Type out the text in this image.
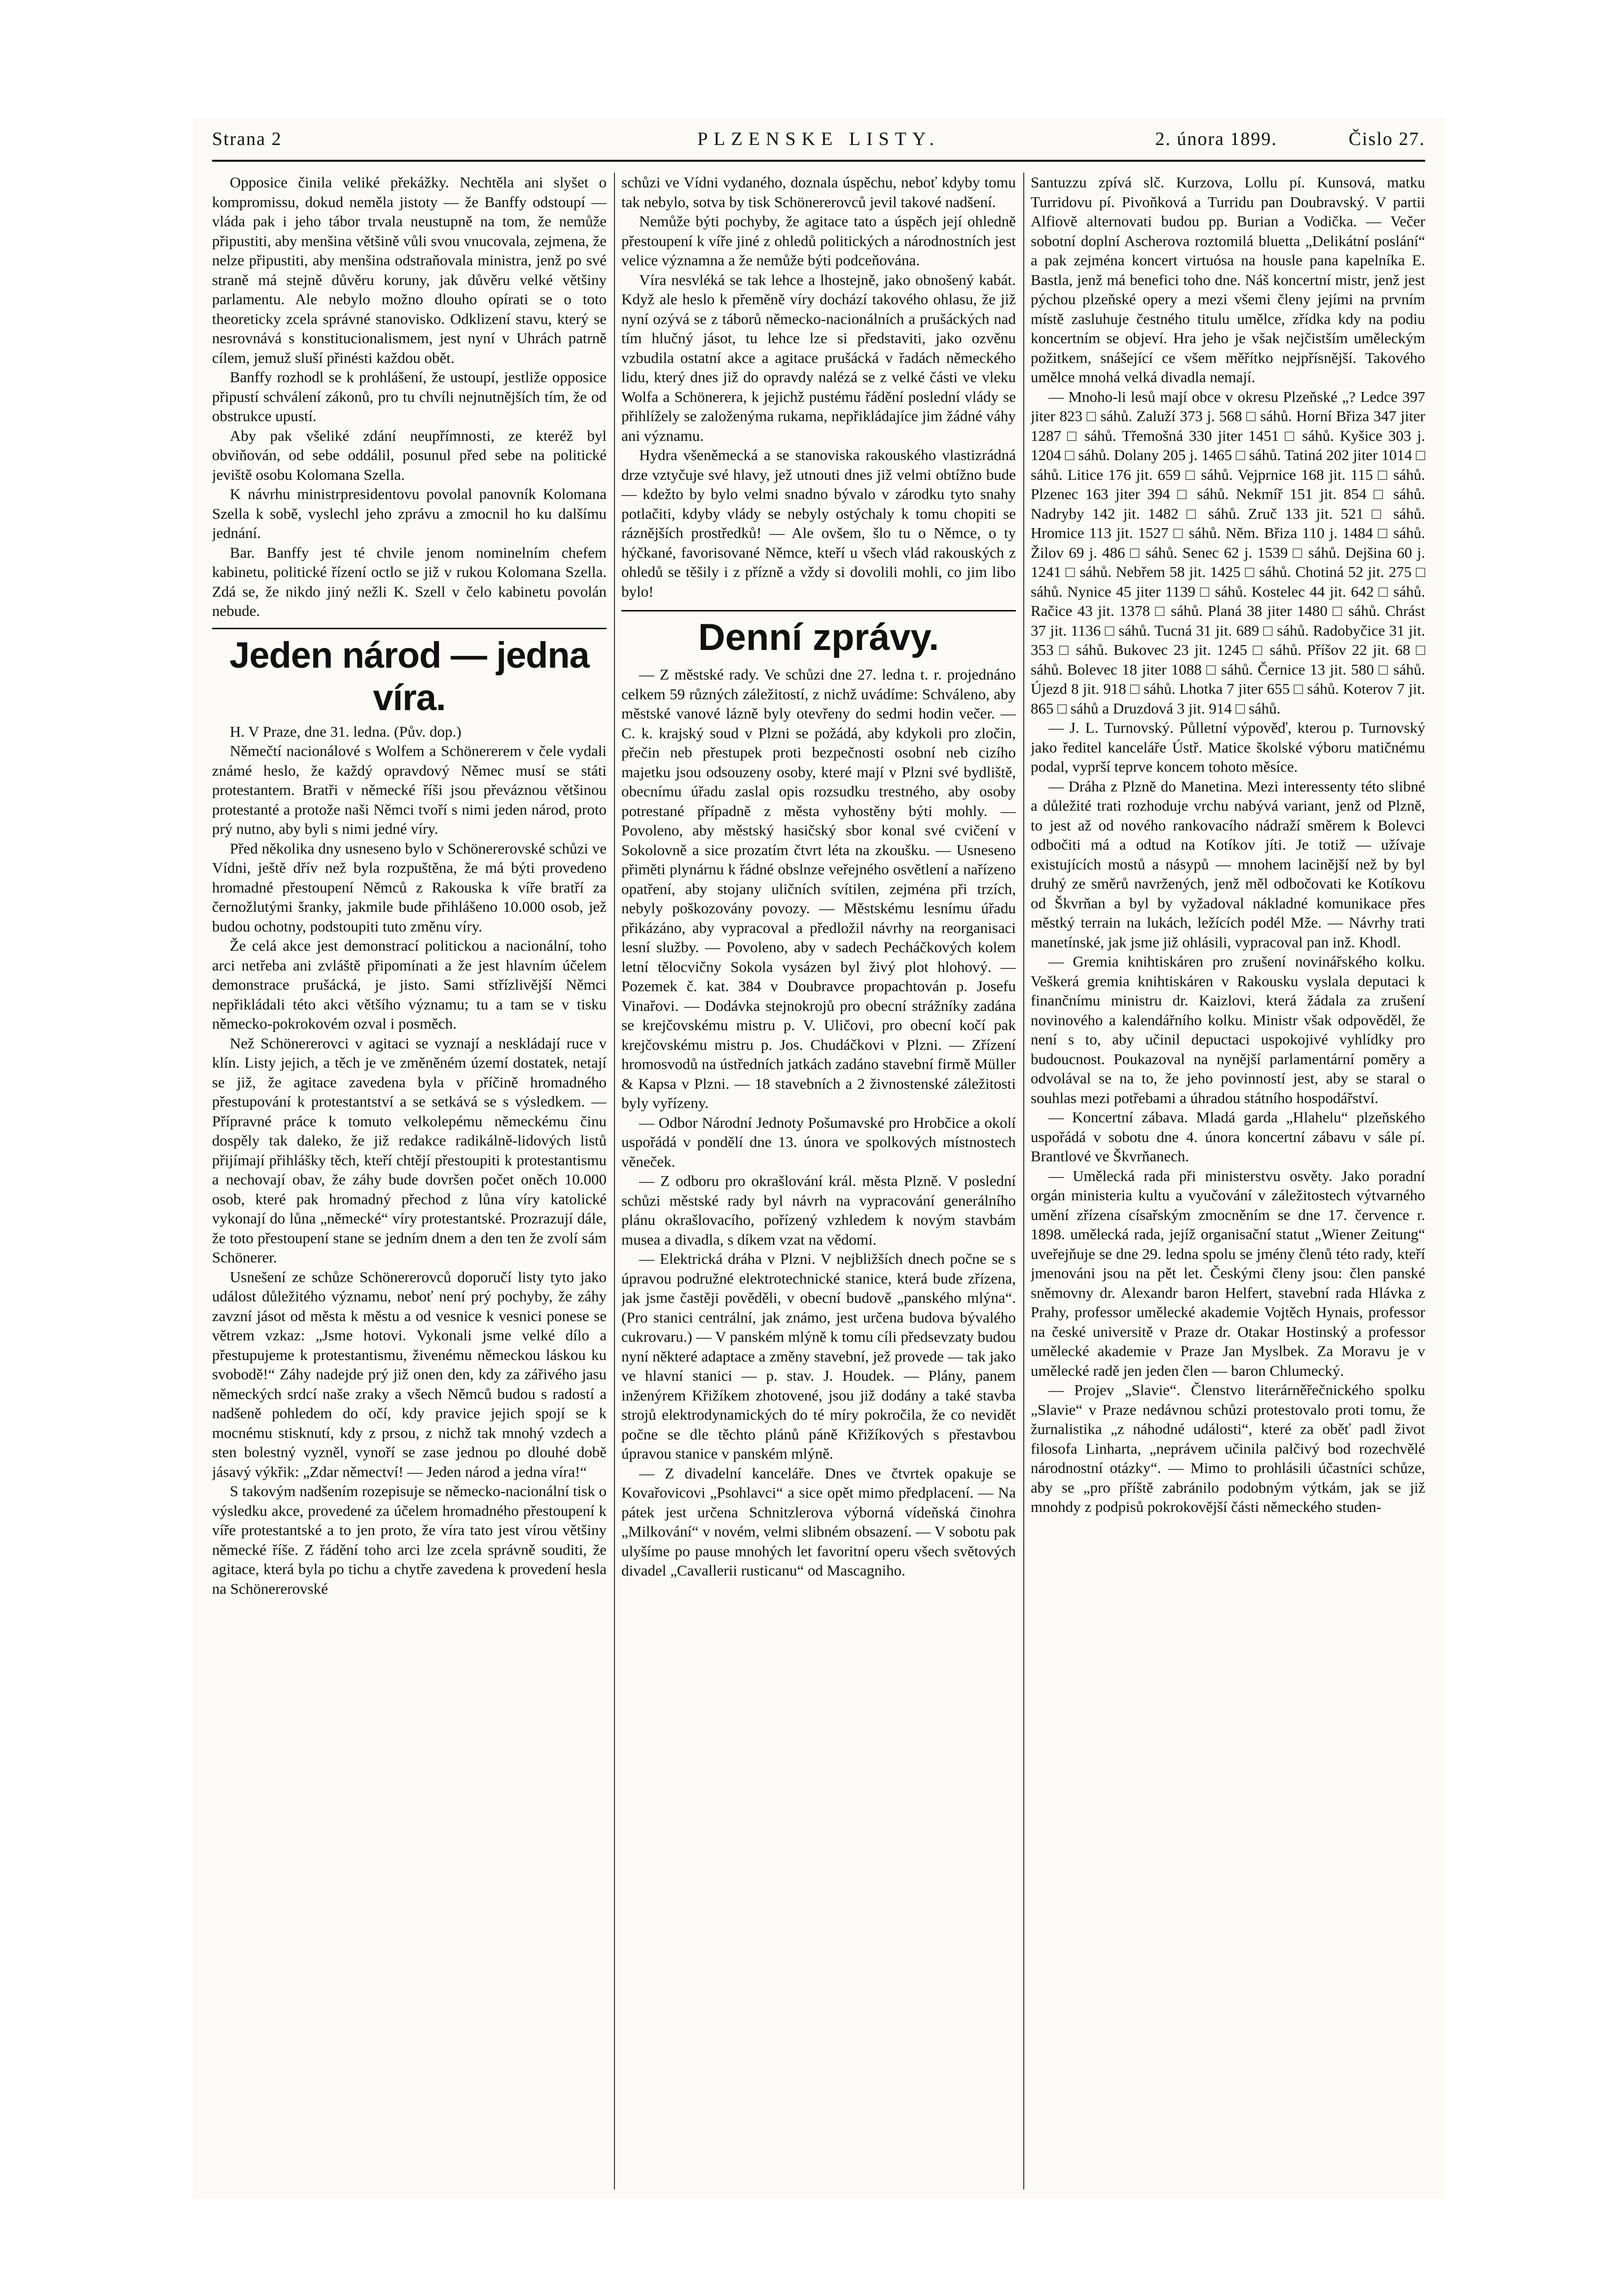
Strana 2	PLZENSKE LISTY.	2. února 1899.	Čislo 27.

Opposice činila veliké překážky. Nechtěla ani slyšet o kompromissu, dokud neměla jistoty — že Banffy odstoupí — vláda pak i jeho tábor trvala neustupně na tom, že nemůže připustiti, aby menšina většině vůli svou vnucovala, zejmena, že nelze připustiti, aby menšina odstraňovala ministra, jenž po své straně má stejně důvěru koruny, jak důvěru velké většiny parlamentu. Ale nebylo možno dlouho opírati se o toto theoreticky zcela správné stanovisko. Odklizení stavu, který se nesrovnává s konstitucionalismem, jest nyní v Uhrách patrně cílem, jemuž sluší přinésti každou obět.

Banffy rozhodl se k prohlášení, že ustoupí, jestliže opposice připustí schválení zákonů, pro tu chvíli nejnutnějších tím, že od obstrukce upustí.

Aby pak všeliké zdání neupřímnosti, ze kteréž byl obviňován, od sebe oddálil, posunul před sebe na politické jeviště osobu Kolomana Szella.

K návrhu ministrpresidentovu povolal panovník Kolomana Szella k sobě, vyslechl jeho zprávu a zmocnil ho ku dalšímu jednání.

Bar. Banffy jest té chvile jenom nominelním chefem kabinetu, politické řízení octlo se již v rukou Kolomana Szella. Zdá se, že nikdo jiný nežli K. Szell v čelo kabinetu povolán nebude.

Jeden národ — jedna víra.

H. V Praze, dne 31. ledna. (Pův. dop.)

Němečtí nacionálové s Wolfem a Schönererem v čele vydali známé heslo, že každý opravdový Němec musí se státi protestantem. Bratři v německé říši jsou převáznou většinou protestanté a protože naši Němci tvoří s nimi jeden národ, proto prý nutno, aby byli s nimi jedné víry.

Před několika dny usneseno bylo v Schönererovské schůzi ve Vídni, ještě dřív než byla rozpuštěna, že má býti provedeno hromadné přestoupení Němců z Rakouska k víře bratří za černožlutými šranky, jakmile bude přihlášeno 10.000 osob, jež budou ochotny, podstoupiti tuto změnu víry.

Že celá akce jest demonstrací politickou a nacionální, toho arci netřeba ani zvláště připomínati a že jest hlavním účelem demonstrace prušácká, je jisto. Sami střízlivější Němci nepřikládali této akci většího významu; tu a tam se v tisku německo-pokrokovém ozval i posměch.

Než Schönererovci v agitaci se vyznají a neskládají ruce v klín. Listy jejich, a těch je ve změněném území dostatek, netají se již, že agitace zavedena byla v příčině hromadného přestupování k protestantství a se setkává se s výsledkem. — Přípravné práce k tomuto velkolepému německému činu dospěly tak daleko, že již redakce radikálně-lidových listů přijímají přihlášky těch, kteří chtějí přestoupiti k protestantismu a nechovají obav, že záhy bude dovršen počet oněch 10.000 osob, které pak hromadný přechod z lůna víry katolické vykonají do lůna „německé“ víry protestantské. Prozrazují dále, že toto přestoupení stane se jedním dnem a den ten že zvolí sám Schönerer.

Usnešení ze schůze Schönererovců doporučí listy tyto jako událost důležitého významu, neboť není prý pochyby, že záhy zavzní jásot od města k městu a od vesnice k vesnici ponese se větrem vzkaz: „Jsme hotovi. Vykonali jsme velké dílo a přestupujeme k protestantismu, živenému německou láskou ku svobodě!“ Záhy nadejde prý již onen den, kdy za zářivého jasu německých srdcí naše zraky a všech Němců budou s radostí a nadšeně pohledem do očí, kdy pravice jejich spojí se k mocnému stisknutí, kdy z prsou, z nichž tak mnohý vzdech a sten bolestný vyzněl, vynoří se zase jednou po dlouhé době jásavý výkřik: „Zdar němectví! — Jeden národ a jedna víra!“

S takovým nadšením rozepisuje se německo-nacionální tisk o výsledku akce, provedené za účelem hromadného přestoupení k víře protestantské a to jen proto, že víra tato jest vírou většiny německé říše. Z řádění toho arci lze zcela správně souditi, že agitace, která byla po tichu a chytře zavedena k provedení hesla na Schönererovské

schůzi ve Vídni vydaného, doznala úspěchu, neboť kdyby tomu tak nebylo, sotva by tisk Schönererovců jevil takové nadšení.

Nemůže býti pochyby, že agitace tato a úspěch její ohledně přestoupení k víře jiné z ohledů politických a národnostních jest velice významna a že nemůže býti podceňována.

Víra nesvléká se tak lehce a lhostejně, jako obnošený kabát. Když ale heslo k přeměně víry dochází takového ohlasu, že již nyní ozývá se z táborů německo-nacionálních a prušáckých nad tím hlučný jásot, tu lehce lze si představiti, jako ozvěnu vzbudila ostatní akce a agitace prušácká v řadách německého lidu, který dnes již do opravdy nalézá se z velké části ve vleku Wolfa a Schönerera, k jejichž pustému řádění poslední vlády se přihlížely se založenýma rukama, nepřikládajíce jim žádné váhy ani významu.

Hydra všeněmecká a se stanoviska rakouského vlastizrádná drze vztyčuje své hlavy, jež utnouti dnes již velmi obtížno bude — kdežto by bylo velmi snadno bývalo v zárodku tyto snahy potlačiti, kdyby vlády se nebyly ostýchaly k tomu chopiti se ráznějších prostředků! — Ale ovšem, šlo tu o Němce, o ty hýčkané, favorisované Němce, kteří u všech vlád rakouských z ohledů se těšily i z přízně a vždy si dovolili mohli, co jim libo bylo!

Denní zprávy.

— Z městské rady. Ve schůzi dne 27. ledna t. r. projednáno celkem 59 různých záležitostí, z nichž uvádíme: Schváleno, aby městské vanové lázně byly otevřeny do sedmi hodin večer. — C. k. krajský soud v Plzni se požádá, aby kdykoli pro zločin, přečin neb přestupek proti bezpečnosti osobní neb cizího majetku jsou odsouzeny osoby, které mají v Plzni své bydliště, obecnímu úřadu zaslal opis rozsudku trestného, aby osoby potrestané případně z města vyhostěny býti mohly. — Povoleno, aby městský hasičský sbor konal své cvičení v Sokolovně a sice prozatím čtvrt léta na zkoušku. — Usneseno přiměti plynárnu k řádné obslnze veřejného osvětlení a nařízeno opatření, aby stojany uličních svítilen, zejména při trzích, nebyly poškozovány povozy. — Městskému lesnímu úřadu přikázáno, aby vypracoval a předložil návrhy na reorganisaci lesní služby. — Povoleno, aby v sadech Pecháčkových kolem letní tělocvičny Sokola vysázen byl živý plot hlohový. — Pozemek č. kat. 384 v Doubravce propachtován p. Josefu Vinařovi. — Dodávka stejnokrojů pro obecní strážníky zadána se krejčovskému mistru p. V. Uličovi, pro obecní kočí pak krejčovskému mistru p. Jos. Chudáčkovi v Plzni. — Zřízení hromosvodů na ústředních jatkách zadáno stavební firmě Müller & Kapsa v Plzni. — 18 stavebních a 2 živnostenské záležitosti byly vyřízeny.

— Odbor Národní Jednoty Pošumavské pro Hrobčice a okolí uspořádá v pondělí dne 13. února ve spolkových místnostech věneček.

— Z odboru pro okrašlování král. města Plzně. V poslední schůzi městské rady byl návrh na vypracování generálního plánu okrašlovacího, pořízený vzhledem k novým stavbám musea a divadla, s díkem vzat na vědomí.

— Elektrická dráha v Plzni. V nejbližších dnech počne se s úpravou podružné elektrotechnické stanice, která bude zřízena, jak jsme častěji pověděli, v obecní budově „panského mlýna“. (Pro stanici centrální, jak známo, jest určena budova bývalého cukrovaru.) — V panském mlýně k tomu cíli předsevzaty budou nyní některé adaptace a změny stavební, jež provede — tak jako ve hlavní stanici — p. stav. J. Houdek. — Plány, panem inženýrem Křižíkem zhotovené, jsou již dodány a také stavba strojů elektrodynamických do té míry pokročila, že co nevidět počne se dle těchto plánů páně Křižíkových s přestavbou úpravou stanice v panském mlýně.

— Z divadelní kanceláře. Dnes ve čtvrtek opakuje se Kovařovicovi „Psohlavci“ a sice opět mimo předplacení. — Na pátek jest určena Schnitzlerova výborná vídeňská činohra „Milkování“ v novém, velmi slibném obsazení. — V sobotu pak ulyšíme po pause mnohých let favoritní operu všech světových divadel „Cavallerii rusticanu“ od Mascagniho.

Santuzzu zpívá slč. Kurzova, Lollu pí. Kunsová, matku Turridovu pí. Pivoňková a Turridu pan Doubravský. V partii Alfiově alternovati budou pp. Burian a Vodička. — Večer sobotní doplní Ascherova roztomilá bluetta „Delikátní poslání“ a pak zejména koncert virtuósa na housle pana kapelníka E. Bastla, jenž má benefici toho dne. Náš koncertní mistr, jenž jest pýchou plzeňské opery a mezi všemi členy jejími na prvním místě zasluhuje čestného titulu umělce, zřídka kdy na podiu koncertním se objeví. Hra jeho je však nejčistším uměleckým požitkem, snášející ce všem měřítko nejpřísnější. Takového umělce mnohá velká divadla nemají.

— Mnoho-li lesů mají obce v okresu Plzeňské „? Ledce 397 jiter 823 □ sáhů. Zaluží 373 j. 568 □ sáhů. Horní Břiza 347 jiter 1287 □ sáhů. Třemošná 330 jiter 1451 □ sáhů. Kyšice 303 j. 1204 □ sáhů. Dolany 205 j. 1465 □ sáhů. Tatiná 202 jiter 1014 □ sáhů. Litice 176 jit. 659 □ sáhů. Vejprnice 168 jit. 115 □ sáhů. Plzenec 163 jiter 394 □ sáhů. Nekmíř 151 jit. 854 □ sáhů. Nadryby 142 jit. 1482 □ sáhů. Zruč 133 jit. 521 □ sáhů. Hromice 113 jit. 1527 □ sáhů. Něm. Břiza 110 j. 1484 □ sáhů. Žilov 69 j. 486 □ sáhů. Senec 62 j. 1539 □ sáhů. Dejšina 60 j. 1241 □ sáhů. Nebřem 58 jit. 1425 □ sáhů. Chotiná 52 jit. 275 □ sáhů. Nynice 45 jiter 1139 □ sáhů. Kostelec 44 jit. 642 □ sáhů. Račice 43 jit. 1378 □ sáhů. Planá 38 jiter 1480 □ sáhů. Chrást 37 jit. 1136 □ sáhů. Tucná 31 jit. 689 □ sáhů. Radobyčice 31 jit. 353 □ sáhů. Bukovec 23 jit. 1245 □ sáhů. Příšov 22 jit. 68 □ sáhů. Bolevec 18 jiter 1088 □ sáhů. Černice 13 jit. 580 □ sáhů. Újezd 8 jit. 918 □ sáhů. Lhotka 7 jiter 655 □ sáhů. Koterov 7 jit. 865 □ sáhů a Druzdová 3 jit. 914 □ sáhů.

— J. L. Turnovský. Půlletní výpověď, kterou p. Turnovský jako ředitel kanceláře Ústř. Matice školské výboru matičnému podal, vyprší teprve koncem tohoto měsíce.

— Dráha z Plzně do Manetina. Mezi interessenty této slibné a důležité trati rozhoduje vrchu nabývá variant, jenž od Plzně, to jest až od nového rankovacího nádraží směrem k Bolevci odbočiti má a odtud na Kotíkov jíti. Je totiž — užívaje existujících mostů a násypů — mnohem lacinější než by byl druhý ze směrů navržených, jenž měl odbočovati ke Kotíkovu od Škvrňan a byl by vyžadoval nákladné komunikace přes městký terrain na lukách, ležících podél Mže. — Návrhy trati manetínské, jak jsme již ohlásili, vypracoval pan inž. Khodl.

— Gremia knihtiskáren pro zrušení novinářského kolku. Veškerá gremia knihtiskáren v Rakousku vyslala deputaci k finančnímu ministru dr. Kaizlovi, která žádala za zrušení novinového a kalendářního kolku. Ministr však odpověděl, že není s to, aby učinil depuctaci uspokojivé vyhlídky pro budoucnost. Poukazoval na nynější parlamentární poměry a odvolával se na to, že jeho povinností jest, aby se staral o souhlas mezi potřebami a úhradou státního hospodářství.

— Koncertní zábava. Mladá garda „Hlahelu“ plzeňského uspořádá v sobotu dne 4. února koncertní zábavu v sále pí. Brantlové ve Škvrňanech.

— Umělecká rada při ministerstvu osvěty. Jako poradní orgán ministeria kultu a vyučování v záležitostech výtvarného umění zřízena císařským zmocněním se dne 17. července r. 1898. umělecká rada, jejíž organisační statut „Wiener Zeitung“ uveřejňuje se dne 29. ledna spolu se jmény členů této rady, kteří jmenováni jsou na pět let. Českými členy jsou: člen panské sněmovny dr. Alexandr baron Helfert, stavební rada Hlávka z Prahy, professor umělecké akademie Vojtěch Hynais, professor na české universitě v Praze dr. Otakar Hostinský a professor umělecké akademie v Praze Jan Myslbek. Za Moravu je v umělecké radě jen jeden člen — baron Chlumecký.

— Projev „Slavie“. Členstvo literárněřečnického spolku „Slavie“ v Praze nedávnou schůzi protestovalo proti tomu, že žurnalistika „z náhodné události“, které za oběť padl život filosofa Linharta, „neprávem učinila palčivý bod rozechvělé národnostní otázky“. — Mimo to prohlásili účastníci schůze, aby se „pro příště zabránilo podobným výtkám, jak se již mnohdy z podpisů pokrokovější části německého studen-
